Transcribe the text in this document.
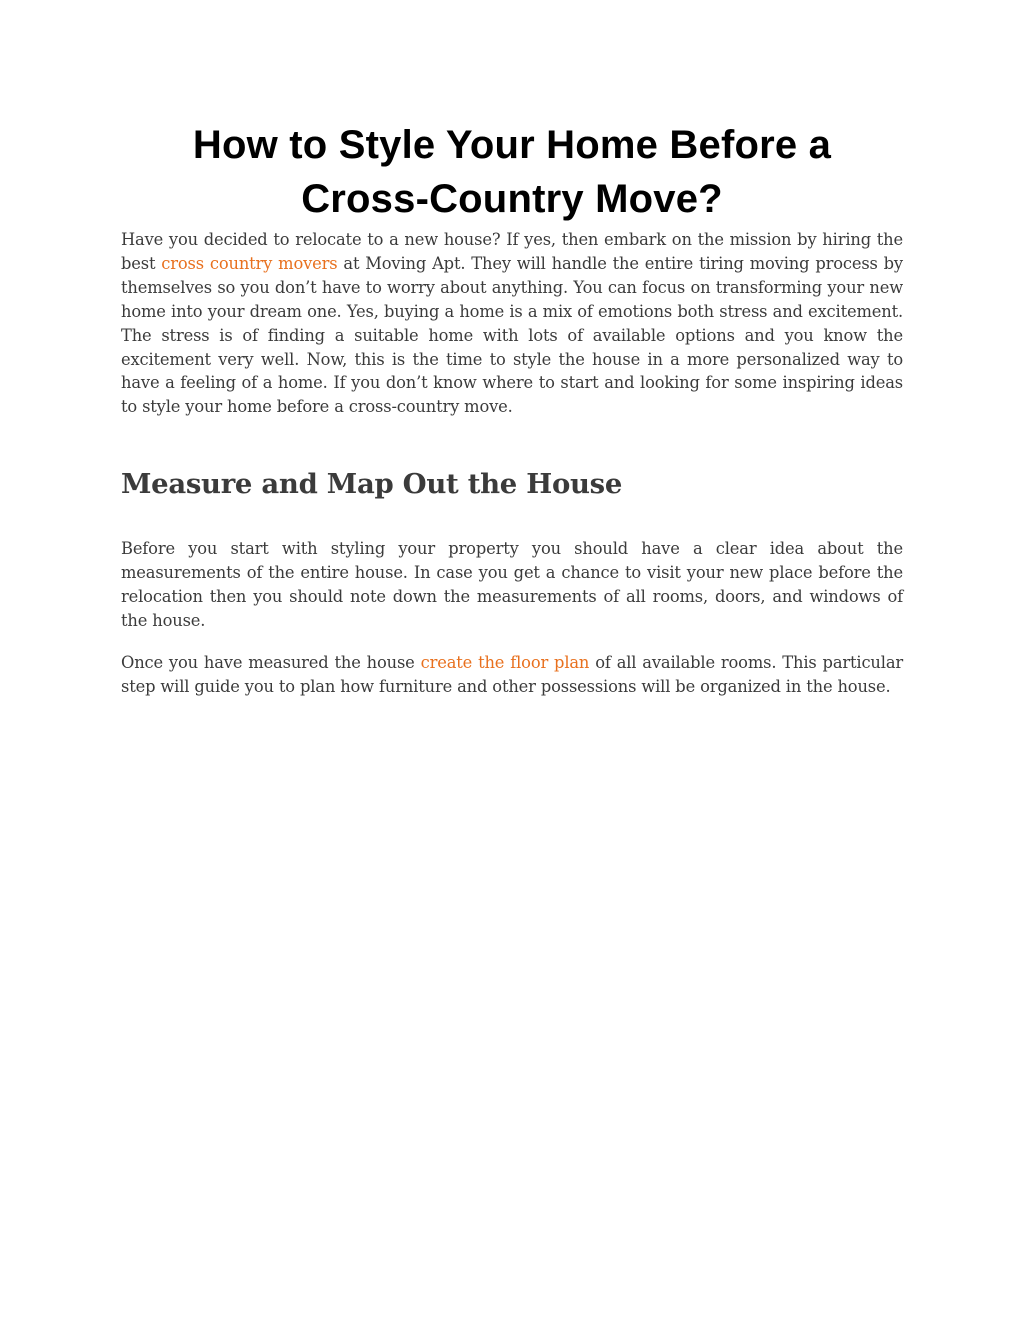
How to Style Your Home Before a
Cross-Country Move?

Have you decided to relocate to a new house? If yes, then embark on the mission by hiring the best cross country movers at Moving Apt. They will handle the entire tiring moving process by themselves so you don’t have to worry about anything. You can focus on transforming your new home into your dream one. Yes, buying a home is a mix of emotions both stress and excitement. The stress is of finding a suitable home with lots of available options and you know the excitement very well. Now, this is the time to style the house in a more personalized way to have a feeling of a home. If you don’t know where to start and looking for some inspiring ideas to style your home before a cross-country move.

Measure and Map Out the House

Before you start with styling your property you should have a clear idea about the measurements of the entire house. In case you get a chance to visit your new place before the relocation then you should note down the measurements of all rooms, doors, and windows of the house.

Once you have measured the house create the floor plan of all available rooms. This particular step will guide you to plan how furniture and other possessions will be organized in the house.
